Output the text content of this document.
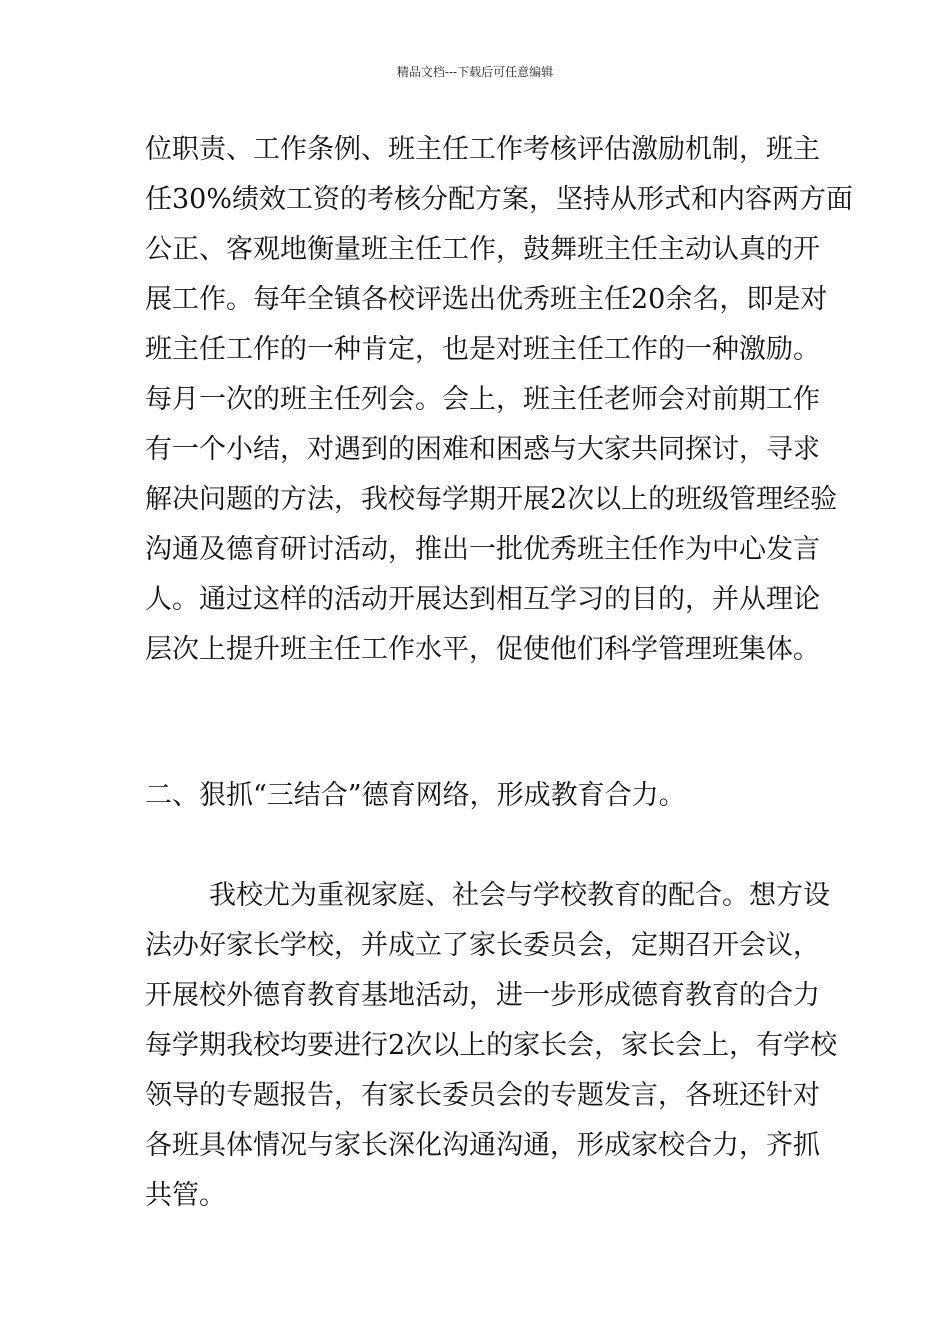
精品文档---下载后可任意编辑
位职责、工作条例、班主任工作考核评估激励机制，班主
任30%绩效工资的考核分配方案，坚持从形式和内容两方面
公正、客观地衡量班主任工作，鼓舞班主任主动认真的开
展工作。每年全镇各校评选出优秀班主任20余名，即是对
班主任工作的一种肯定，也是对班主任工作的一种激励。
每月一次的班主任列会。会上，班主任老师会对前期工作
有一个小结，对遇到的困难和困惑与大家共同探讨，寻求
解决问题的方法，我校每学期开展2次以上的班级管理经验
沟通及德育研讨活动，推出一批优秀班主任作为中心发言
人。通过这样的活动开展达到相互学习的目的，并从理论
层次上提升班主任工作水平，促使他们科学管理班集体。
二、狠抓“三结合”德育网络，形成教育合力。
我校尤为重视家庭、社会与学校教育的配合。想方设
法办好家长学校，并成立了家长委员会，定期召开会议，
开展校外德育教育基地活动，进一步形成德育教育的合力
每学期我校均要进行2次以上的家长会，家长会上，有学校
领导的专题报告，有家长委员会的专题发言，各班还针对
各班具体情况与家长深化沟通沟通，形成家校合力，齐抓
共管。
